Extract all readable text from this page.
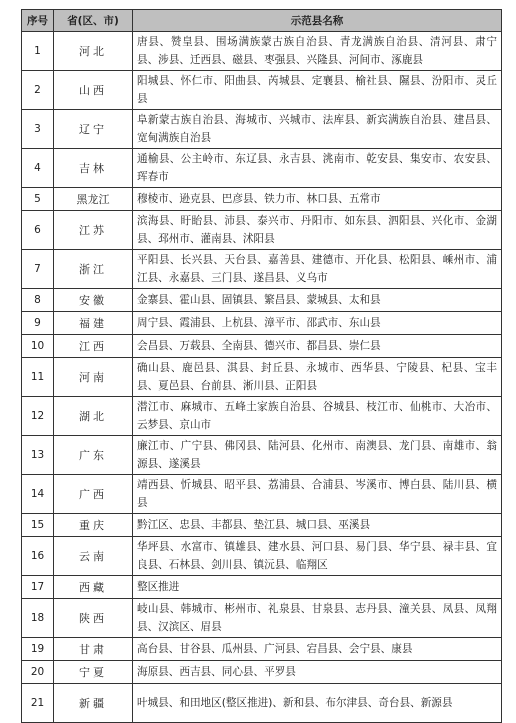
序号	省(区、市)	示范县名称
1	河北	唐县、赞皇县、围场满族蒙古族自治县、青龙满族自治县、清河县、肃宁县、涉县、迁西县、磁县、枣强县、兴隆县、河间市、涿鹿县
2	山西	阳城县、怀仁市、阳曲县、芮城县、定襄县、榆社县、隰县、汾阳市、灵丘县
3	辽宁	阜新蒙古族自治县、海城市、兴城市、法库县、新宾满族自治县、建昌县、宽甸满族自治县
4	吉林	通榆县、公主岭市、东辽县、永吉县、洮南市、乾安县、集安市、农安县、珲春市
5	黑龙江	穆棱市、逊克县、巴彦县、铁力市、林口县、五常市
6	江苏	滨海县、盱眙县、沛县、泰兴市、丹阳市、如东县、泗阳县、兴化市、金湖县、邳州市、灌南县、沭阳县
7	浙江	平阳县、长兴县、天台县、嘉善县、建德市、开化县、松阳县、嵊州市、浦江县、永嘉县、三门县、遂昌县、义乌市
8	安徽	金寨县、霍山县、固镇县、繁昌县、蒙城县、太和县
9	福建	周宁县、霞浦县、上杭县、漳平市、邵武市、东山县
10	江西	会昌县、万载县、全南县、德兴市、都昌县、崇仁县
11	河南	确山县、鹿邑县、淇县、封丘县、永城市、西华县、宁陵县、杞县、宝丰县、夏邑县、台前县、淅川县、正阳县
12	湖北	潜江市、麻城市、五峰土家族自治县、谷城县、枝江市、仙桃市、大冶市、云梦县、京山市
13	广东	廉江市、广宁县、佛冈县、陆河县、化州市、南澳县、龙门县、南雄市、翁源县、遂溪县
14	广西	靖西县、忻城县、昭平县、荔浦县、合浦县、岑溪市、博白县、陆川县、横县
15	重庆	黔江区、忠县、丰都县、垫江县、城口县、巫溪县
16	云南	华坪县、水富市、镇雄县、建水县、河口县、易门县、华宁县、禄丰县、宜良县、石林县、剑川县、镇沅县、临翔区
17	西藏	整区推进
18	陕西	岐山县、韩城市、彬州市、礼泉县、甘泉县、志丹县、潼关县、凤县、凤翔县、汉滨区、眉县
19	甘肃	高台县、甘谷县、瓜州县、广河县、宕昌县、会宁县、康县
20	宁夏	海原县、西吉县、同心县、平罗县
21	新疆	叶城县、和田地区(整区推进)、新和县、布尔津县、奇台县、新源县
